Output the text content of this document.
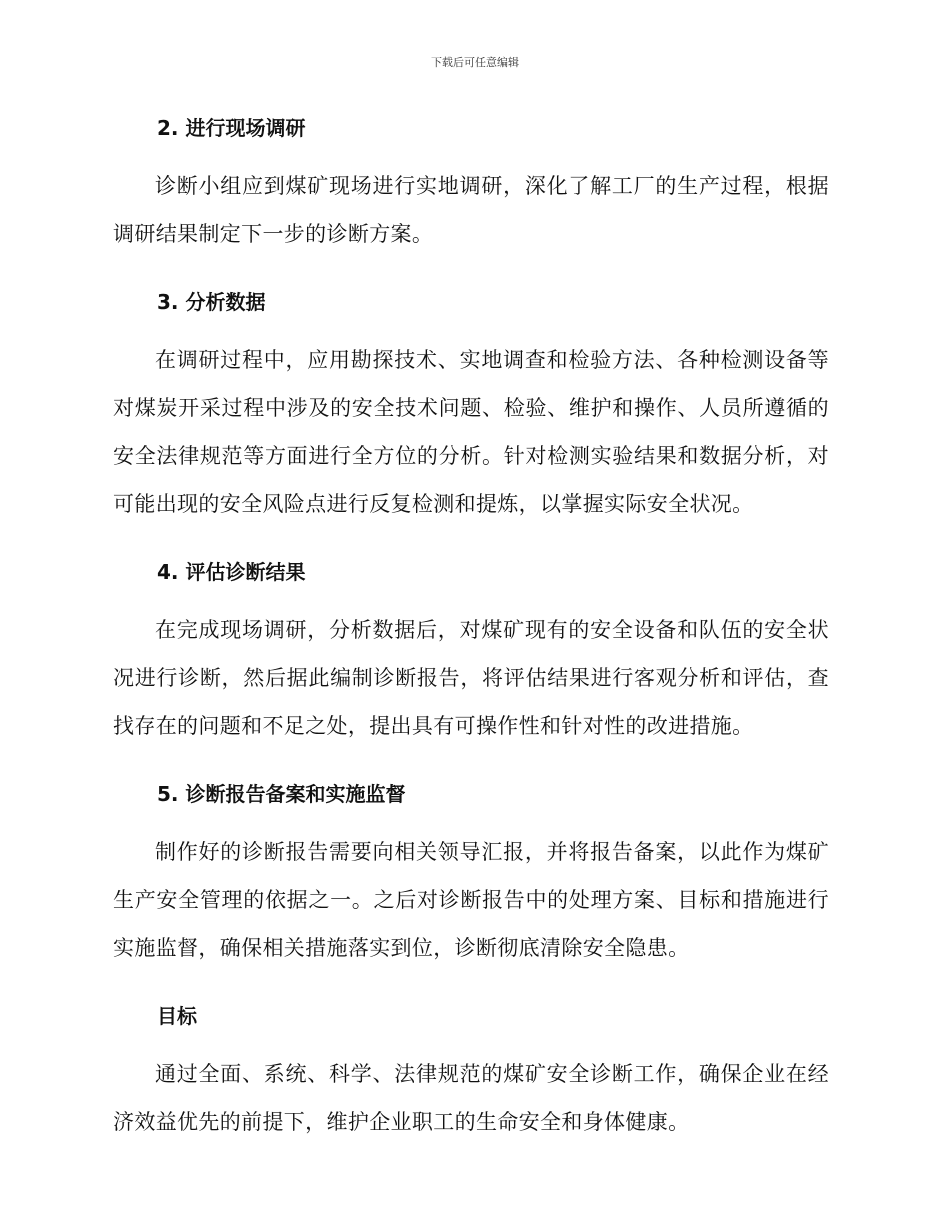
下载后可任意编辑
2. 进行现场调研

诊断小组应到煤矿现场进行实地调研，深化了解工厂的生产过程，根据调研结果制定下一步的诊断方案。

3. 分析数据

在调研过程中，应用勘探技术、实地调查和检验方法、各种检测设备等对煤炭开采过程中涉及的安全技术问题、检验、维护和操作、人员所遵循的安全法律规范等方面进行全方位的分析。针对检测实验结果和数据分析，对可能出现的安全风险点进行反复检测和提炼，以掌握实际安全状况。

4. 评估诊断结果

在完成现场调研，分析数据后，对煤矿现有的安全设备和队伍的安全状况进行诊断，然后据此编制诊断报告，将评估结果进行客观分析和评估，查找存在的问题和不足之处，提出具有可操作性和针对性的改进措施。

5. 诊断报告备案和实施监督

制作好的诊断报告需要向相关领导汇报，并将报告备案，以此作为煤矿生产安全管理的依据之一。之后对诊断报告中的处理方案、目标和措施进行实施监督，确保相关措施落实到位，诊断彻底清除安全隐患。

目标

通过全面、系统、科学、法律规范的煤矿安全诊断工作，确保企业在经济效益优先的前提下，维护企业职工的生命安全和身体健康。
